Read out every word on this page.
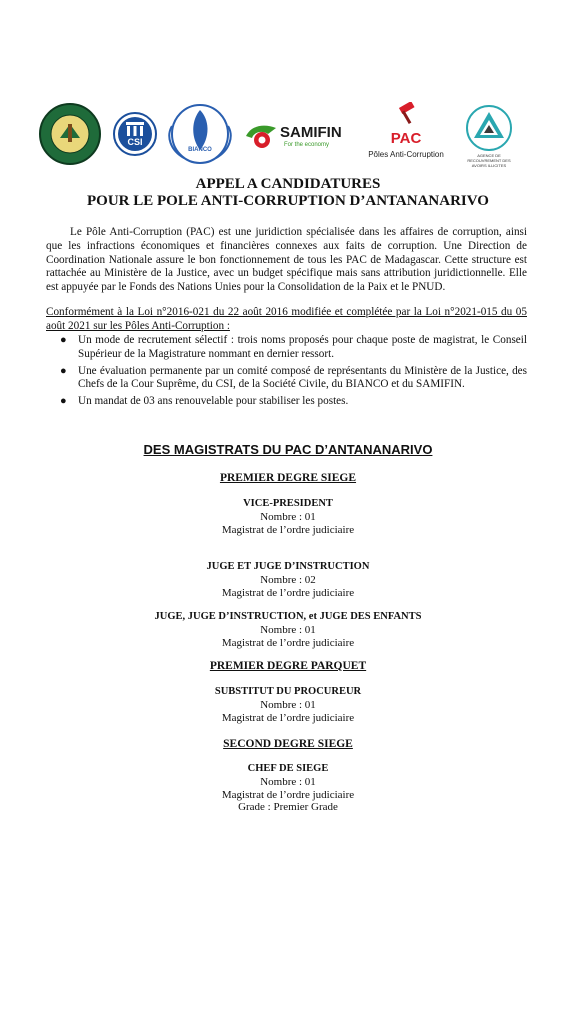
CSI
BIANCO
SAMIFIN
For the economy	PAC
Pôles Anti-Corruption	AGENCE DE RECOUVREMENT DES AVOIRS ILLICITES
APPEL A CANDIDATURES
POUR LE POLE ANTI-CORRUPTION D’ANTANANARIVO
Le Pôle Anti-Corruption (PAC) est une juridiction spécialisée dans les affaires de corruption, ainsi que les infractions économiques et financières connexes aux faits de corruption. Une Direction de Coordination Nationale assure le bon fonctionnement de tous les PAC de Madagascar. Cette structure est rattachée au Ministère de la Justice, avec un budget spécifique mais sans attribution juridictionnelle. Elle est appuyée par le Fonds des Nations Unies pour la Consolidation de la Paix et le PNUD.
Conformément à la Loi n°2016-021 du 22 août 2016 modifiée et complétée par la Loi n°2021-015 du 05 août 2021 sur les Pôles Anti-Corruption :
● Un mode de recrutement sélectif : trois noms proposés pour chaque poste de magistrat, le Conseil Supérieur de la Magistrature nommant en dernier ressort.
● Une évaluation permanente par un comité composé de représentants du Ministère de la Justice, des Chefs de la Cour Suprême, du CSI, de la Société Civile, du BIANCO et du SAMIFIN.
● Un mandat de 03 ans renouvelable pour stabiliser les postes.
DES MAGISTRATS DU PAC D’ANTANANARIVO
PREMIER DEGRE SIEGE
VICE-PRESIDENT
Nombre : 01
Magistrat de l’ordre judiciaire
JUGE ET JUGE D’INSTRUCTION
Nombre : 02
Magistrat de l’ordre judiciaire
JUGE, JUGE D’INSTRUCTION, et JUGE DES ENFANTS
Nombre : 01
Magistrat de l’ordre judiciaire
PREMIER DEGRE PARQUET
SUBSTITUT DU PROCUREUR
Nombre : 01
Magistrat de l’ordre judiciaire
SECOND DEGRE SIEGE
CHEF DE SIEGE
Nombre : 01
Magistrat de l’ordre judiciaire
Grade : Premier Grade
